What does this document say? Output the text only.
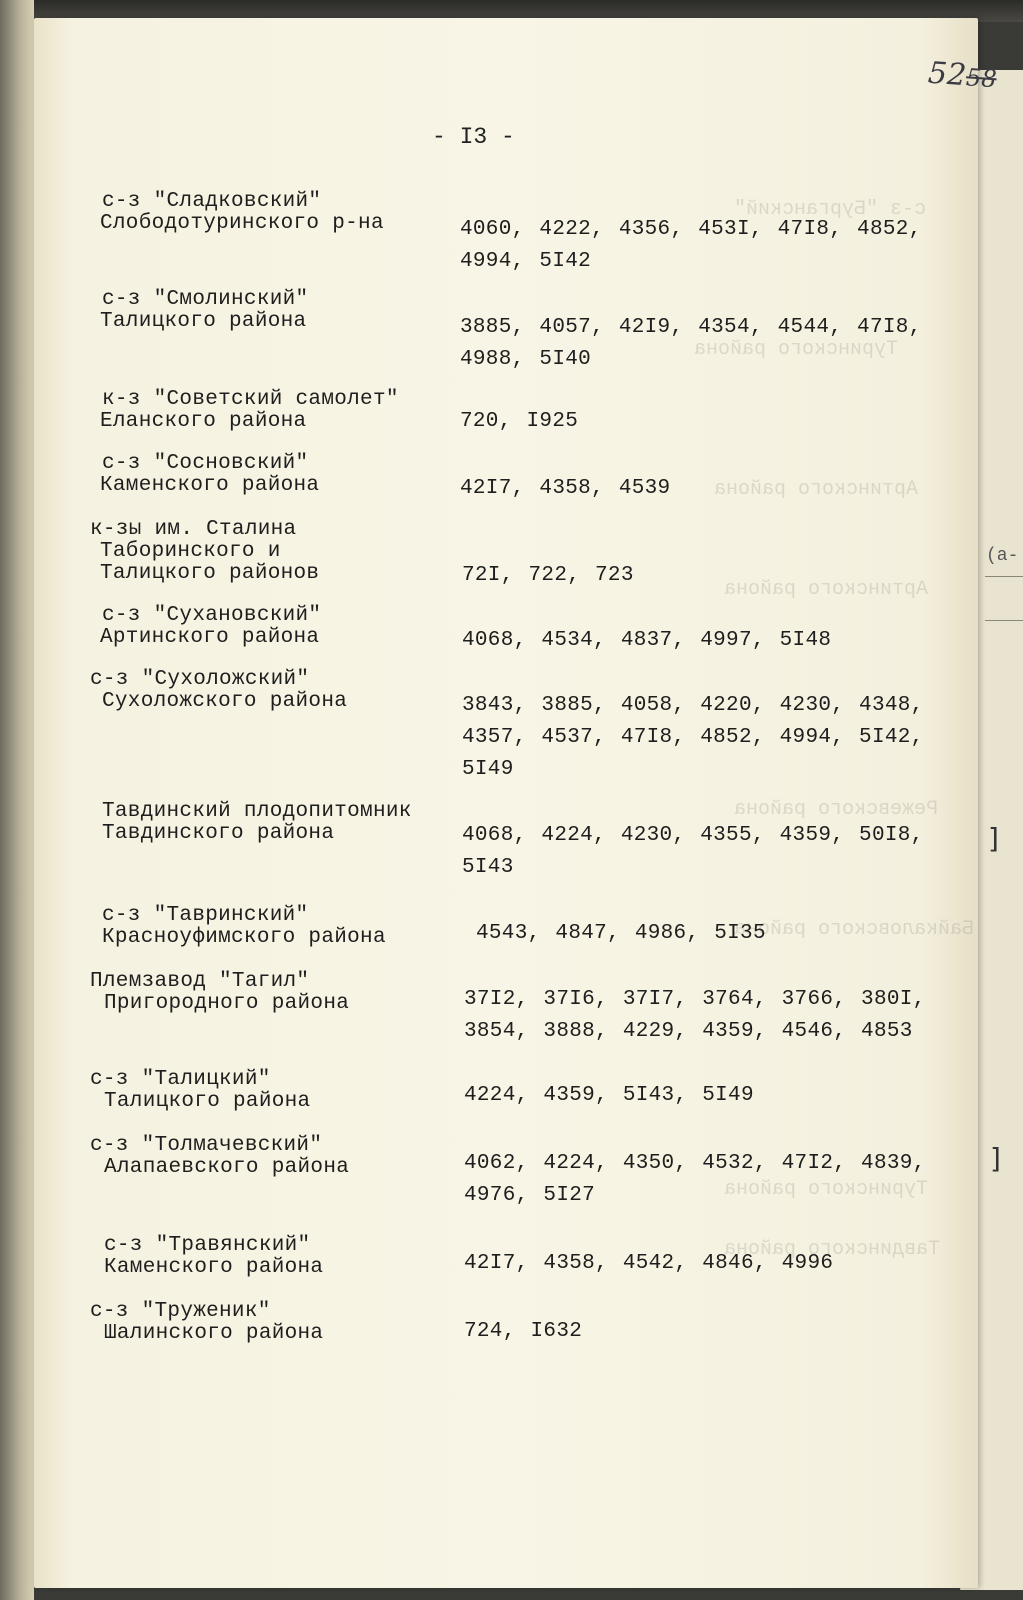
с-з "Бурганский"
Туринского района
Артинского района
Артинского района
Режевского района
Байкаловского района
Туринского района
Тавдинского района
5258
- I3 -
(a-
]
]
с-з "Сладковский"
Слободотуринского р-на	4060, 4222, 4356, 453I, 47I8, 4852, 4994, 5I42
с-з "Смолинский"
Талицкого района	3885, 4057, 42I9, 4354, 4544, 47I8, 4988, 5I40
к-з "Советский самолет"
Еланского района	720, I925
с-з "Сосновский"
Каменского района	42I7, 4358, 4539
к-зы им. Сталина
Таборинского и
Талицкого районов	72I, 722, 723
с-з "Сухановский"
Артинского района	4068, 4534, 4837, 4997, 5I48
с-з "Сухоложский"
Сухоложского района	3843, 3885, 4058, 4220, 4230, 4348, 4357, 4537, 47I8, 4852, 4994, 5I42, 5I49
Тавдинский плодопитомник
Тавдинского района	4068, 4224, 4230, 4355, 4359, 50I8, 5I43
с-з "Тавринский"
Красноуфимского района	4543, 4847, 4986, 5I35
Племзавод "Тагил"
Пригородного района	37I2, 37I6, 37I7, 3764, 3766, 380I, 3854, 3888, 4229, 4359, 4546, 4853
с-з "Талицкий"
Талицкого района	4224, 4359, 5I43, 5I49
с-з "Толмачевский"
Алапаевского района	4062, 4224, 4350, 4532, 47I2, 4839, 4976, 5I27
с-з "Травянский"
Каменского района	42I7, 4358, 4542, 4846, 4996
с-з "Труженик"
Шалинского района	724, I632
